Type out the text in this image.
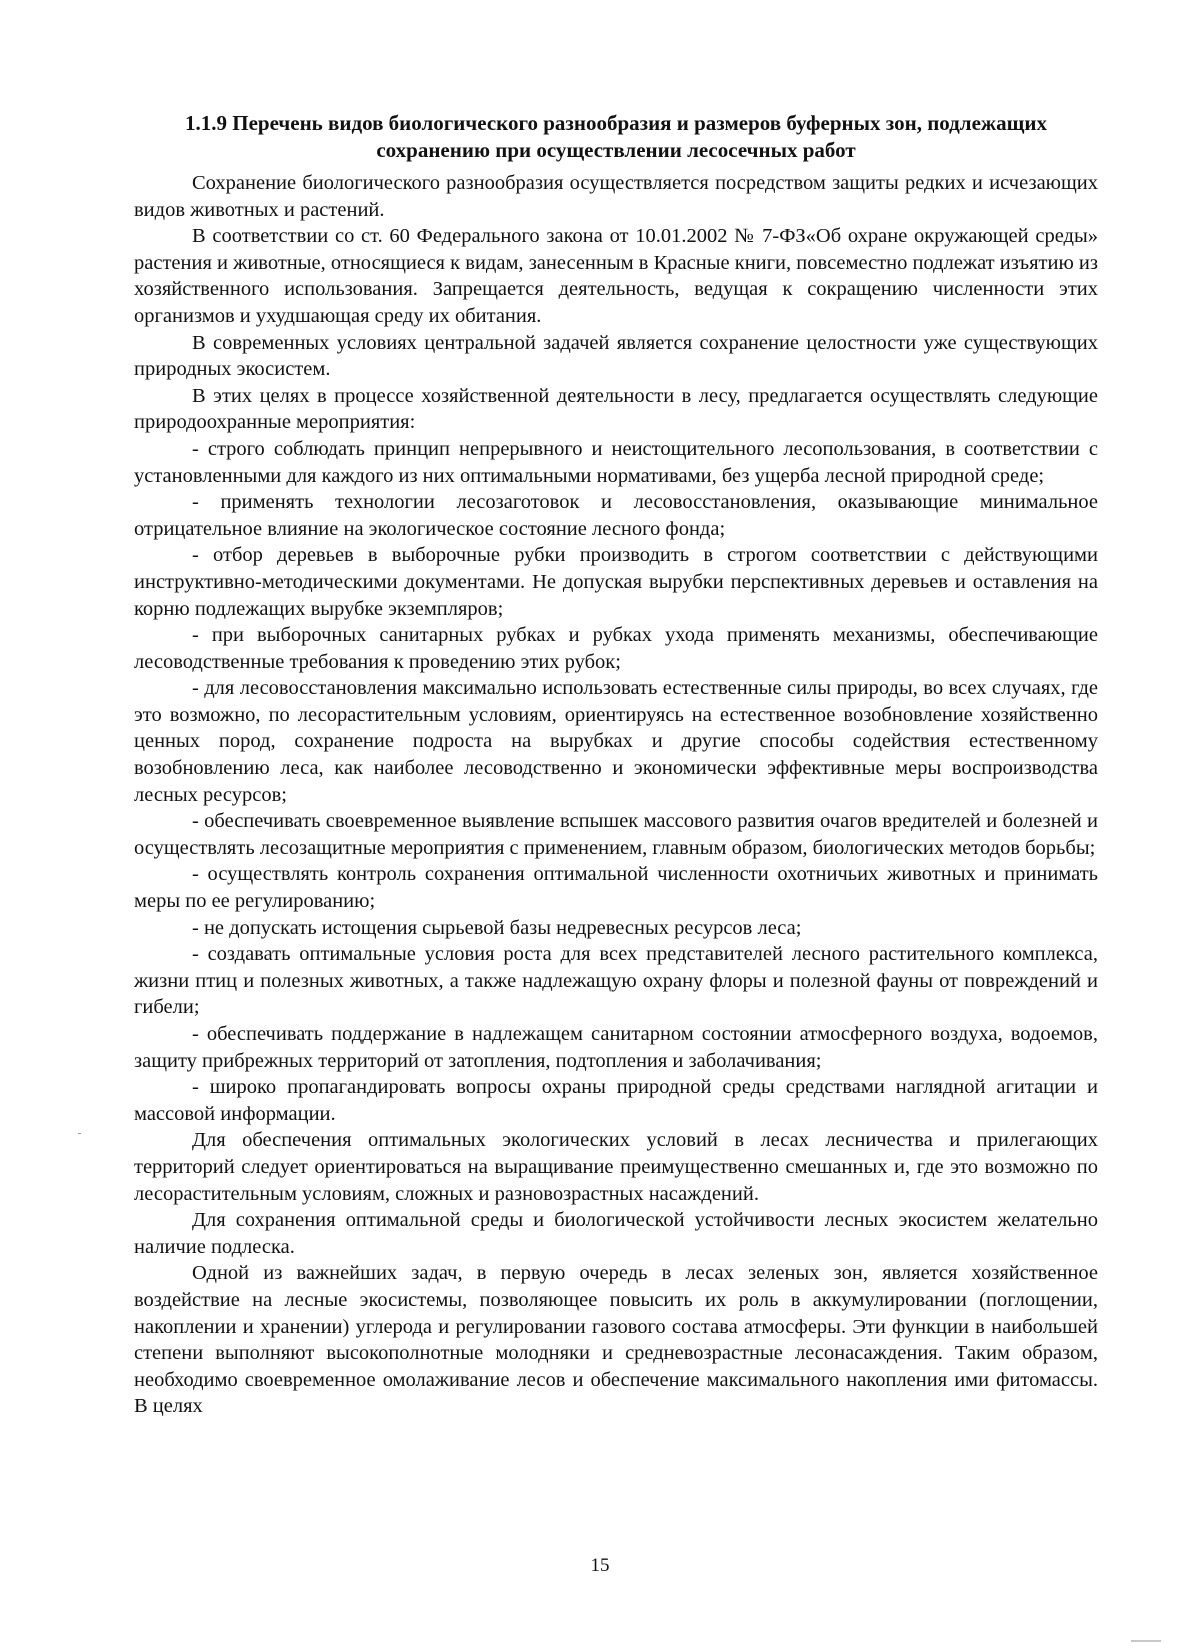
1.1.9 Перечень видов биологического разнообразия и размеров буферных зон, подлежащих сохранению при осуществлении лесосечных работ

Сохранение биологического разнообразия осуществляется посредством защиты редких и исчезающих видов животных и растений.

В соответствии со ст. 60 Федерального закона от 10.01.2002 № 7-ФЗ«Об охране окружающей среды» растения и животные, относящиеся к видам, занесенным в Красные книги, повсеместно подлежат изъятию из хозяйственного использования. Запрещается деятельность, ведущая к сокращению численности этих организмов и ухудшающая среду их обитания.

В современных условиях центральной задачей является сохранение целостности уже существующих природных экосистем.

В этих целях в процессе хозяйственной деятельности в лесу, предлагается осуществлять следующие природоохранные мероприятия:

- строго соблюдать принцип непрерывного и неистощительного лесопользования, в соответствии с установленными для каждого из них оптимальными нормативами, без ущерба лесной природной среде;

- применять технологии лесозаготовок и лесовосстановления, оказывающие минимальное отрицательное влияние на экологическое состояние лесного фонда;

- отбор деревьев в выборочные рубки производить в строгом соответствии с действующими инструктивно-методическими документами. Не допуская вырубки перспективных деревьев и оставления на корню подлежащих вырубке экземпляров;

- при выборочных санитарных рубках и рубках ухода применять механизмы, обеспечивающие лесоводственные требования к проведению этих рубок;

- для лесовосстановления максимально использовать естественные силы природы, во всех случаях, где это возможно, по лесорастительным условиям, ориентируясь на естественное возобновление хозяйственно ценных пород, сохранение подроста на вырубках и другие способы содействия естественному возобновлению леса, как наиболее лесоводственно и экономически эффективные меры воспроизводства лесных ресурсов;

- обеспечивать своевременное выявление вспышек массового развития очагов вредителей и болезней и осуществлять лесозащитные мероприятия с применением, главным образом, биологических методов борьбы;

- осуществлять контроль сохранения оптимальной численности охотничьих животных и принимать меры по ее регулированию;

- не допускать истощения сырьевой базы недревесных ресурсов леса;

- создавать оптимальные условия роста для всех представителей лесного растительного комплекса, жизни птиц и полезных животных, а также надлежащую охрану флоры и полезной фауны от повреждений и гибели;

- обеспечивать поддержание в надлежащем санитарном состоянии атмосферного воздуха, водоемов, защиту прибрежных территорий от затопления, подтопления и заболачивания;

- широко пропагандировать вопросы охраны природной среды средствами наглядной агитации и массовой информации.

Для обеспечения оптимальных экологических условий в лесах лесничества и прилегающих территорий следует ориентироваться на выращивание преимущественно смешанных и, где это возможно по лесорастительным условиям, сложных и разновозрастных насаждений.

Для сохранения оптимальной среды и биологической устойчивости лесных экосистем желательно наличие подлеска.

Одной из важнейших задач, в первую очередь в лесах зеленых зон, является хозяйственное воздействие на лесные экосистемы, позволяющее повысить их роль в аккумулировании (поглощении, накоплении и хранении) углерода и регулировании газового состава атмосферы. Эти функции в наибольшей степени выполняют высокополнотные молодняки и средневозрастные лесонасаждения. Таким образом, необходимо своевременное омолаживание лесов и обеспечение максимального накопления ими фитомассы. В целях

15
